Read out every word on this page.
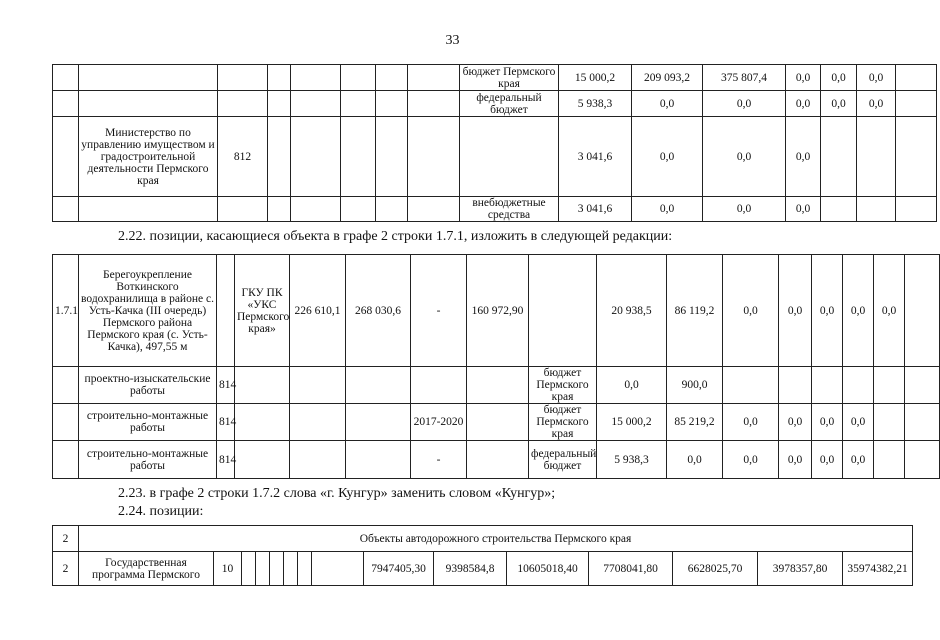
33
								бюджет Пермского края	15 000,2	209 093,2	375 807,4	0,0	0,0	0,0	
								федеральный бюджет	5 938,3	0,0	0,0	0,0	0,0	0,0	
	Министерство по управлению имуществом и градостроительной деятельности Пермского края	812							3 041,6	0,0	0,0	0,0			
								внебюджетные средства	3 041,6	0,0	0,0	0,0			
2.22. позиции, касающиеся объекта в графе 2 строки 1.7.1, изложить в следующей редакции:
1.7.1	Берегоукрепление Воткинского водохранилища в районе с. Усть-Качка (III очередь) Пермского района Пермского края (с. Усть-Качка), 497,55 м		ГКУ ПК «УКС Пермского края»	226 610,1	268 030,6	-	160 972,90		20 938,5	86 119,2	0,0	0,0	0,0	0,0	0,0	
	проектно-изыскательские работы	814						бюджет Пермского края	0,0	900,0						
	строительно-монтажные работы	814				2017-2020		бюджет Пермского края	15 000,2	85 219,2	0,0	0,0	0,0	0,0		
	строительно-монтажные работы	814				-		федеральный бюджет	5 938,3	0,0	0,0	0,0	0,0	0,0		
2.23. в графе 2 строки 1.7.2 слова «г. Кунгур» заменить словом «Кунгур»;
2.24. позиции:
2	Объекты автодорожного строительства Пермского края														
2	Государственная программа Пермского	10							7947405,30	9398584,8	10605018,40	7708041,80	6628025,70	3978357,80	35974382,21
